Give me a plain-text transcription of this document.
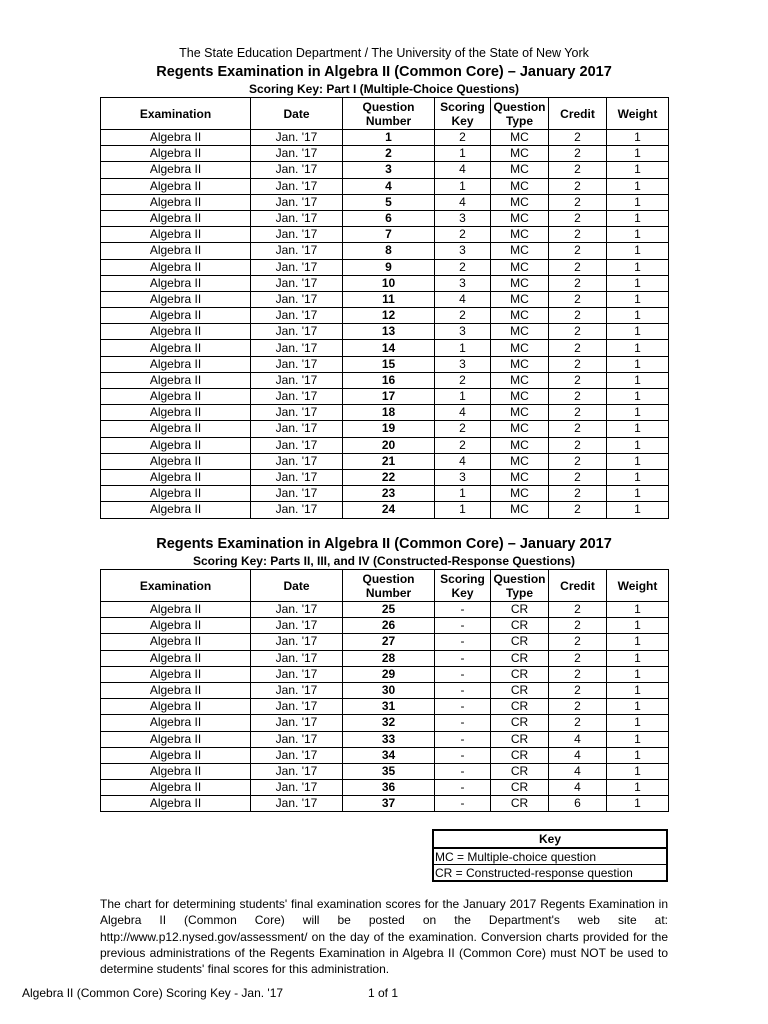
The State Education Department / The University of the State of New York
Regents Examination in Algebra II (Common Core) – January 2017
Scoring Key: Part I (Multiple-Choice Questions)
Examination	Date	Question Number	Scoring Key	Question Type	Credit	Weight
Algebra II	Jan. '17	1	2	MC	2	1
Algebra II	Jan. '17	2	1	MC	2	1
Algebra II	Jan. '17	3	4	MC	2	1
Algebra II	Jan. '17	4	1	MC	2	1
Algebra II	Jan. '17	5	4	MC	2	1
Algebra II	Jan. '17	6	3	MC	2	1
Algebra II	Jan. '17	7	2	MC	2	1
Algebra II	Jan. '17	8	3	MC	2	1
Algebra II	Jan. '17	9	2	MC	2	1
Algebra II	Jan. '17	10	3	MC	2	1
Algebra II	Jan. '17	11	4	MC	2	1
Algebra II	Jan. '17	12	2	MC	2	1
Algebra II	Jan. '17	13	3	MC	2	1
Algebra II	Jan. '17	14	1	MC	2	1
Algebra II	Jan. '17	15	3	MC	2	1
Algebra II	Jan. '17	16	2	MC	2	1
Algebra II	Jan. '17	17	1	MC	2	1
Algebra II	Jan. '17	18	4	MC	2	1
Algebra II	Jan. '17	19	2	MC	2	1
Algebra II	Jan. '17	20	2	MC	2	1
Algebra II	Jan. '17	21	4	MC	2	1
Algebra II	Jan. '17	22	3	MC	2	1
Algebra II	Jan. '17	23	1	MC	2	1
Algebra II	Jan. '17	24	1	MC	2	1
Regents Examination in Algebra II (Common Core) – January 2017
Scoring Key: Parts II, III, and IV (Constructed-Response Questions)
Examination	Date	Question Number	Scoring Key	Question Type	Credit	Weight
Algebra II	Jan. '17	25	-	CR	2	1
Algebra II	Jan. '17	26	-	CR	2	1
Algebra II	Jan. '17	27	-	CR	2	1
Algebra II	Jan. '17	28	-	CR	2	1
Algebra II	Jan. '17	29	-	CR	2	1
Algebra II	Jan. '17	30	-	CR	2	1
Algebra II	Jan. '17	31	-	CR	2	1
Algebra II	Jan. '17	32	-	CR	2	1
Algebra II	Jan. '17	33	-	CR	4	1
Algebra II	Jan. '17	34	-	CR	4	1
Algebra II	Jan. '17	35	-	CR	4	1
Algebra II	Jan. '17	36	-	CR	4	1
Algebra II	Jan. '17	37	-	CR	6	1
Key
MC = Multiple-choice question
CR = Constructed-response question
The chart for determining students' final examination scores for the January 2017 Regents Examination in Algebra II (Common Core) will be posted on the Department's web site at: http://www.p12.nysed.gov/assessment/ on the day of the examination. Conversion charts provided for the previous administrations of the Regents Examination in Algebra II (Common Core) must NOT be used to determine students' final scores for this administration.
Algebra II (Common Core) Scoring Key - Jan. '17	1 of 1
